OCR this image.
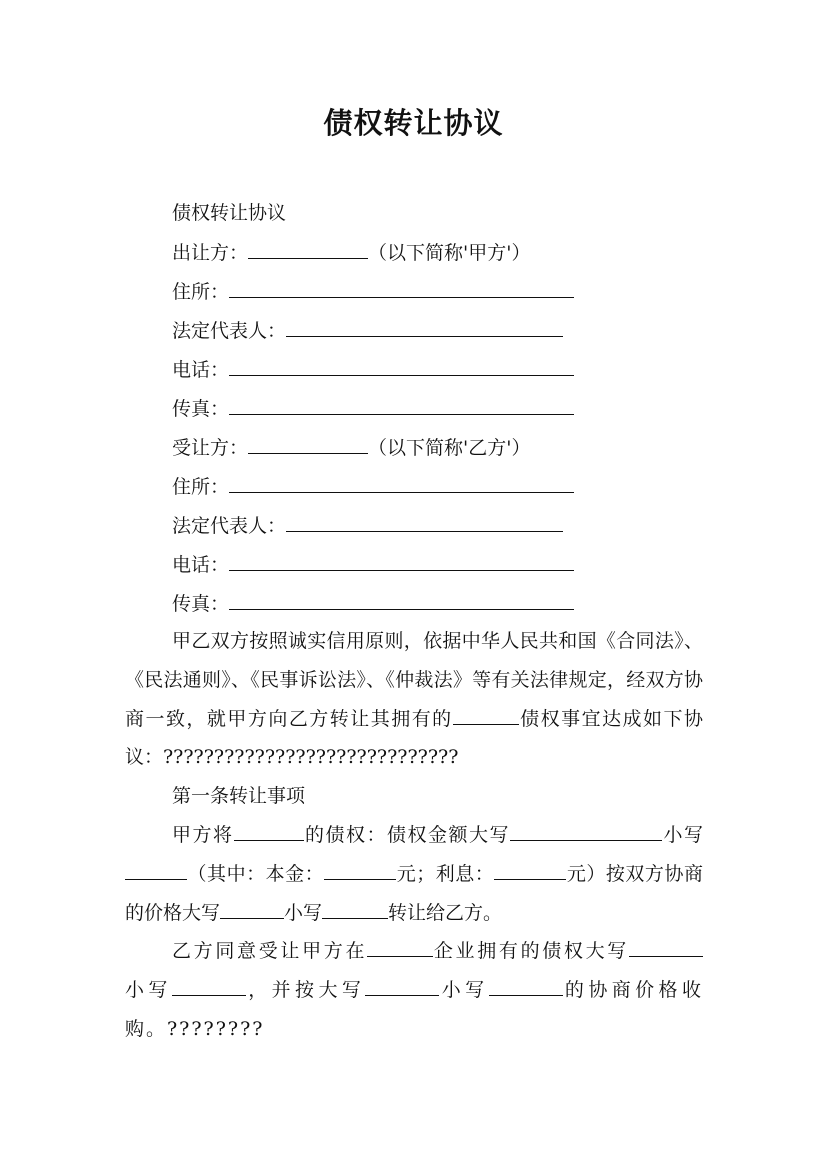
债权转让协议
债权转让协议
出让方：	（以下简称'甲方'）
住所：
法定代表人：
电话：
传真：
受让方：	（以下简称'乙方'）
住所：
法定代表人：
电话：
传真：
甲乙双方按照诚实信用原则，依据中华人民共和国《合同法》、《民法通则》、《民事诉讼法》、《仲裁法》等有关法律规定，经双方协商一致，就甲方向乙方转让其拥有的	债权事宜达成如下协议：?????????????????????????????
第一条转让事项
甲方将	的债权：债权金额大写	小写（其中：本金：	元；利息：	元）按双方协商的价格大写	小写	转让给乙方。
乙方同意受让甲方在	企业拥有的债权大写小写	，并按大写	小写	的协商价格收购。????????
